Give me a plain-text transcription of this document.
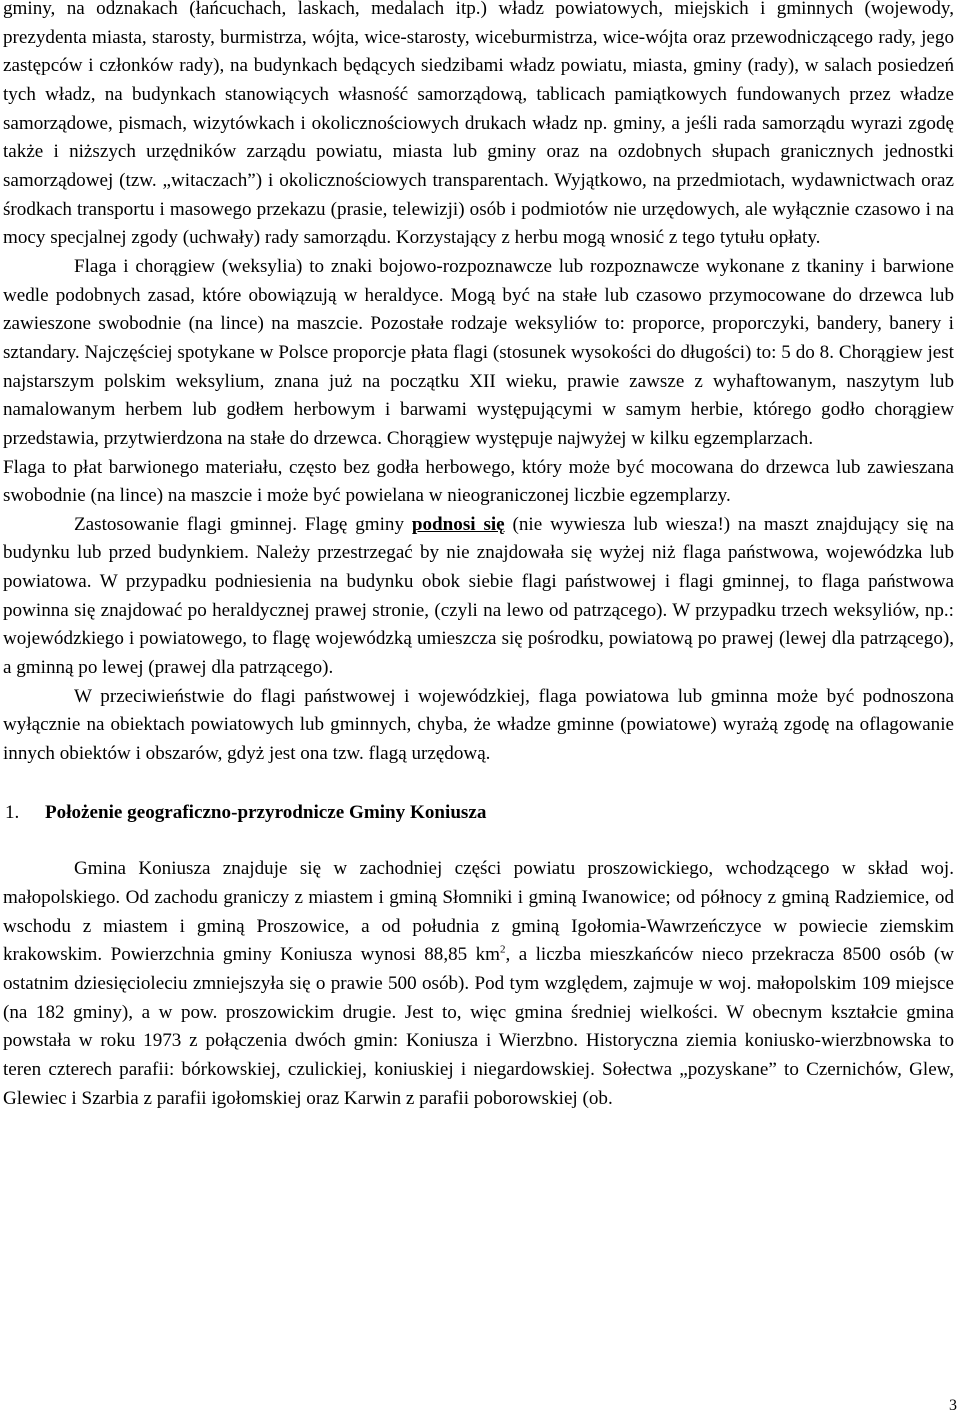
gminy, na odznakach (łańcuchach, laskach, medalach itp.) władz powiatowych, miejskich i gminnych (wojewody, prezydenta miasta, starosty, burmistrza, wójta, wice-starosty, wiceburmistrza, wice-wójta oraz przewodniczącego rady, jego zastępców i członków rady), na budynkach będących siedzibami władz powiatu, miasta, gminy (rady), w salach posiedzeń tych władz, na budynkach stanowiących własność samorządową, tablicach pamiątkowych fundowanych przez władze samorządowe, pismach, wizytówkach i okolicznościowych drukach władz np. gminy, a jeśli rada samorządu wyrazi zgodę także i niższych urzędników zarządu powiatu, miasta lub gminy oraz na ozdobnych słupach granicznych jednostki samorządowej (tzw. „witaczach”) i okolicznościowych transparentach. Wyjątkowo, na przedmiotach, wydawnictwach oraz środkach transportu i masowego przekazu (prasie, telewizji) osób i podmiotów nie urzędowych, ale wyłącznie czasowo i na mocy specjalnej zgody (uchwały) rady samorządu. Korzystający z herbu mogą wnosić z tego tytułu opłaty.

Flaga i chorągiew (weksylia) to znaki bojowo-rozpoznawcze lub rozpoznawcze wykonane z tkaniny i barwione wedle podobnych zasad, które obowiązują w heraldyce. Mogą być na stałe lub czasowo przymocowane do drzewca lub zawieszone swobodnie (na lince) na maszcie. Pozostałe rodzaje weksyliów to: proporce, proporczyki, bandery, banery i sztandary. Najczęściej spotykane w Polsce proporcje płata flagi (stosunek wysokości do długości) to: 5 do 8. Chorągiew jest najstarszym polskim weksylium, znana już na początku XII wieku, prawie zawsze z wyhaftowanym, naszytym lub namalowanym herbem lub godłem herbowym i barwami występującymi w samym herbie, którego godło chorągiew przedstawia, przytwierdzona na stałe do drzewca. Chorągiew występuje najwyżej w kilku egzemplarzach.

Flaga to płat barwionego materiału, często bez godła herbowego, który może być mocowana do drzewca lub zawieszana swobodnie (na lince) na maszcie i może być powielana w nieograniczonej liczbie egzemplarzy.

Zastosowanie flagi gminnej. Flagę gminy podnosi się (nie wywiesza lub wiesza!) na maszt znajdujący się na budynku lub przed budynkiem. Należy przestrzegać by nie znajdowała się wyżej niż flaga państwowa, wojewódzka lub powiatowa. W przypadku podniesienia na budynku obok siebie flagi państwowej i flagi gminnej, to flaga państwowa powinna się znajdować po heraldycznej prawej stronie, (czyli na lewo od patrzącego). W przypadku trzech weksyliów, np.: wojewódzkiego i powiatowego, to flagę wojewódzką umieszcza się pośrodku, powiatową po prawej (lewej dla patrzącego), a gminną po lewej (prawej dla patrzącego).

W przeciwieństwie do flagi państwowej i wojewódzkiej, flaga powiatowa lub gminna może być podnoszona wyłącznie na obiektach powiatowych lub gminnych, chyba, że władze gminne (powiatowe) wyrażą zgodę na oflagowanie innych obiektów i obszarów, gdyż jest ona tzw. flagą urzędową.

1. Położenie geograficzno-przyrodnicze Gminy Koniusza

Gmina Koniusza znajduje się w zachodniej części powiatu proszowickiego, wchodzącego w skład woj. małopolskiego. Od zachodu graniczy z miastem i gminą Słomniki i gminą Iwanowice; od północy z gminą Radziemice, od wschodu z miastem i gminą Proszowice, a od południa z gminą Igołomia-Wawrzeńczyce w powiecie ziemskim krakowskim. Powierzchnia gminy Koniusza wynosi 88,85 $km^2$, a liczba mieszkańców nieco przekracza 8500 osób (w ostatnim dziesięcioleciu zmniejszyła się o prawie 500 osób). Pod tym względem, zajmuje w woj. małopolskim 109 miejsce (na 182 gminy), a w pow. proszowickim drugie. Jest to, więc gmina średniej wielkości. W obecnym kształcie gmina powstała w roku 1973 z połączenia dwóch gmin: Koniusza i Wierzbno. Historyczna ziemia koniusko-wierzbnowska to teren czterech parafii: bórkowskiej, czulickiej, koniuskiej i niegardowskiej. Sołectwa „pozyskane” to Czernichów, Glew, Glewiec i Szarbia z parafii igołomskiej oraz Karwin z parafii poborowskiej (ob.

3
